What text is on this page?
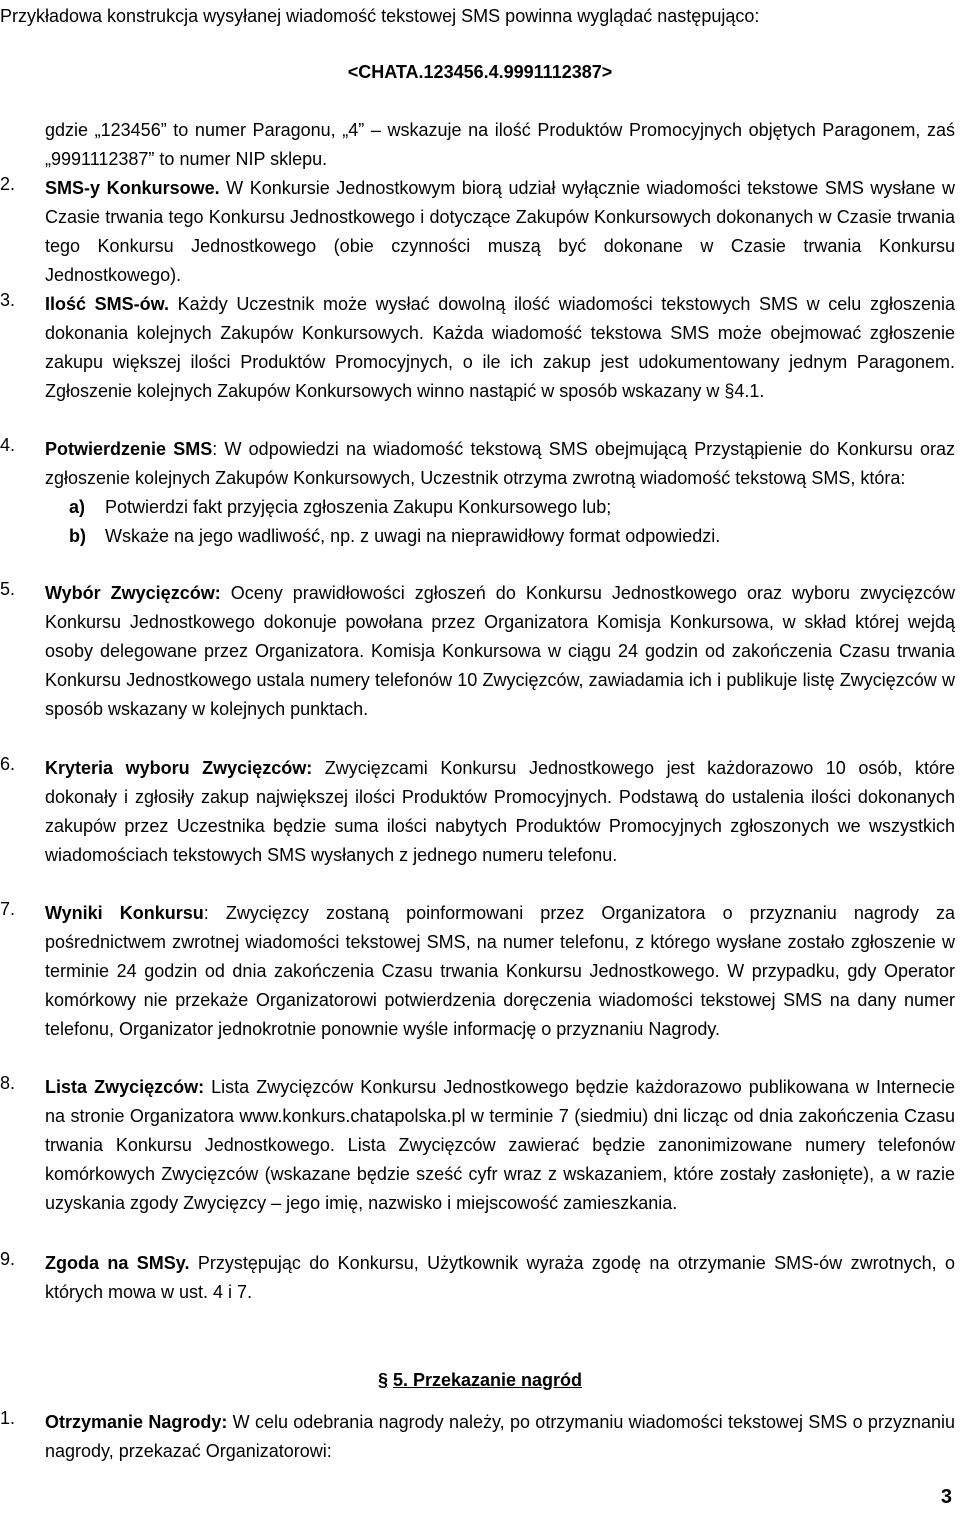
Przykładowa konstrukcja wysyłanej wiadomość tekstowej SMS powinna wyglądać następująco:
<CHATA.123456.4.9991112387>
gdzie „123456” to numer Paragonu, „4” – wskazuje na ilość Produktów Promocyjnych objętych Paragonem, zaś „9991112387” to numer NIP sklepu.
2.	SMS-y Konkursowe. W Konkursie Jednostkowym biorą udział wyłącznie wiadomości tekstowe SMS wysłane w Czasie trwania tego Konkursu Jednostkowego i dotyczące Zakupów Konkursowych dokonanych w Czasie trwania tego Konkursu Jednostkowego (obie czynności muszą być dokonane w Czasie trwania Konkursu Jednostkowego).
3.	Ilość SMS-ów. Każdy Uczestnik może wysłać dowolną ilość wiadomości tekstowych SMS w celu zgłoszenia dokonania kolejnych Zakupów Konkursowych. Każda wiadomość tekstowa SMS może obejmować zgłoszenie zakupu większej ilości Produktów Promocyjnych, o ile ich zakup jest udokumentowany jednym Paragonem. Zgłoszenie kolejnych Zakupów Konkursowych winno nastąpić w sposób wskazany w §4.1.
4.	Potwierdzenie SMS: W odpowiedzi na wiadomość tekstową SMS obejmującą Przystąpienie do Konkursu oraz zgłoszenie kolejnych Zakupów Konkursowych, Uczestnik otrzyma zwrotną wiadomość tekstową SMS, która:
a) Potwierdzi fakt przyjęcia zgłoszenia Zakupu Konkursowego lub;
b) Wskaże na jego wadliwość, np. z uwagi na nieprawidłowy format odpowiedzi.
5.	Wybór Zwycięzców: Oceny prawidłowości zgłoszeń do Konkursu Jednostkowego oraz wyboru zwycięzców Konkursu Jednostkowego dokonuje powołana przez Organizatora Komisja Konkursowa, w skład której wejdą osoby delegowane przez Organizatora. Komisja Konkursowa w ciągu 24 godzin od zakończenia Czasu trwania Konkursu Jednostkowego ustala numery telefonów 10 Zwycięzców, zawiadamia ich i publikuje listę Zwycięzców w sposób wskazany w kolejnych punktach.
6.	Kryteria wyboru Zwycięzców: Zwycięzcami Konkursu Jednostkowego jest każdorazowo 10 osób, które dokonały i zgłosiły zakup największej ilości Produktów Promocyjnych. Podstawą do ustalenia ilości dokonanych zakupów przez Uczestnika będzie suma ilości nabytych Produktów Promocyjnych zgłoszonych we wszystkich wiadomościach tekstowych SMS wysłanych z jednego numeru telefonu.
7.	Wyniki Konkursu: Zwycięzcy zostaną poinformowani przez Organizatora o przyznaniu nagrody za pośrednictwem zwrotnej wiadomości tekstowej SMS, na numer telefonu, z którego wysłane zostało zgłoszenie w terminie 24 godzin od dnia zakończenia Czasu trwania Konkursu Jednostkowego. W przypadku, gdy Operator komórkowy nie przekaże Organizatorowi potwierdzenia doręczenia wiadomości tekstowej SMS na dany numer telefonu, Organizator jednokrotnie ponownie wyśle informację o przyznaniu Nagrody.
8.	Lista Zwycięzców: Lista Zwycięzców Konkursu Jednostkowego będzie każdorazowo publikowana w Internecie na stronie Organizatora www.konkurs.chatapolska.pl w terminie 7 (siedmiu) dni licząc od dnia zakończenia Czasu trwania Konkursu Jednostkowego. Lista Zwycięzców zawierać będzie zanonimizowane numery telefonów komórkowych Zwycięzców (wskazane będzie sześć cyfr wraz z wskazaniem, które zostały zasłonięte), a w razie uzyskania zgody Zwycięzcy – jego imię, nazwisko i miejscowość zamieszkania.
9.	Zgoda na SMSy. Przystępując do Konkursu, Użytkownik wyraża zgodę na otrzymanie SMS-ów zwrotnych, o których mowa w ust. 4 i 7.
§ 5. Przekazanie nagród
1.	Otrzymanie Nagrody: W celu odebrania nagrody należy, po otrzymaniu wiadomości tekstowej SMS o przyznaniu nagrody, przekazać Organizatorowi:
3
